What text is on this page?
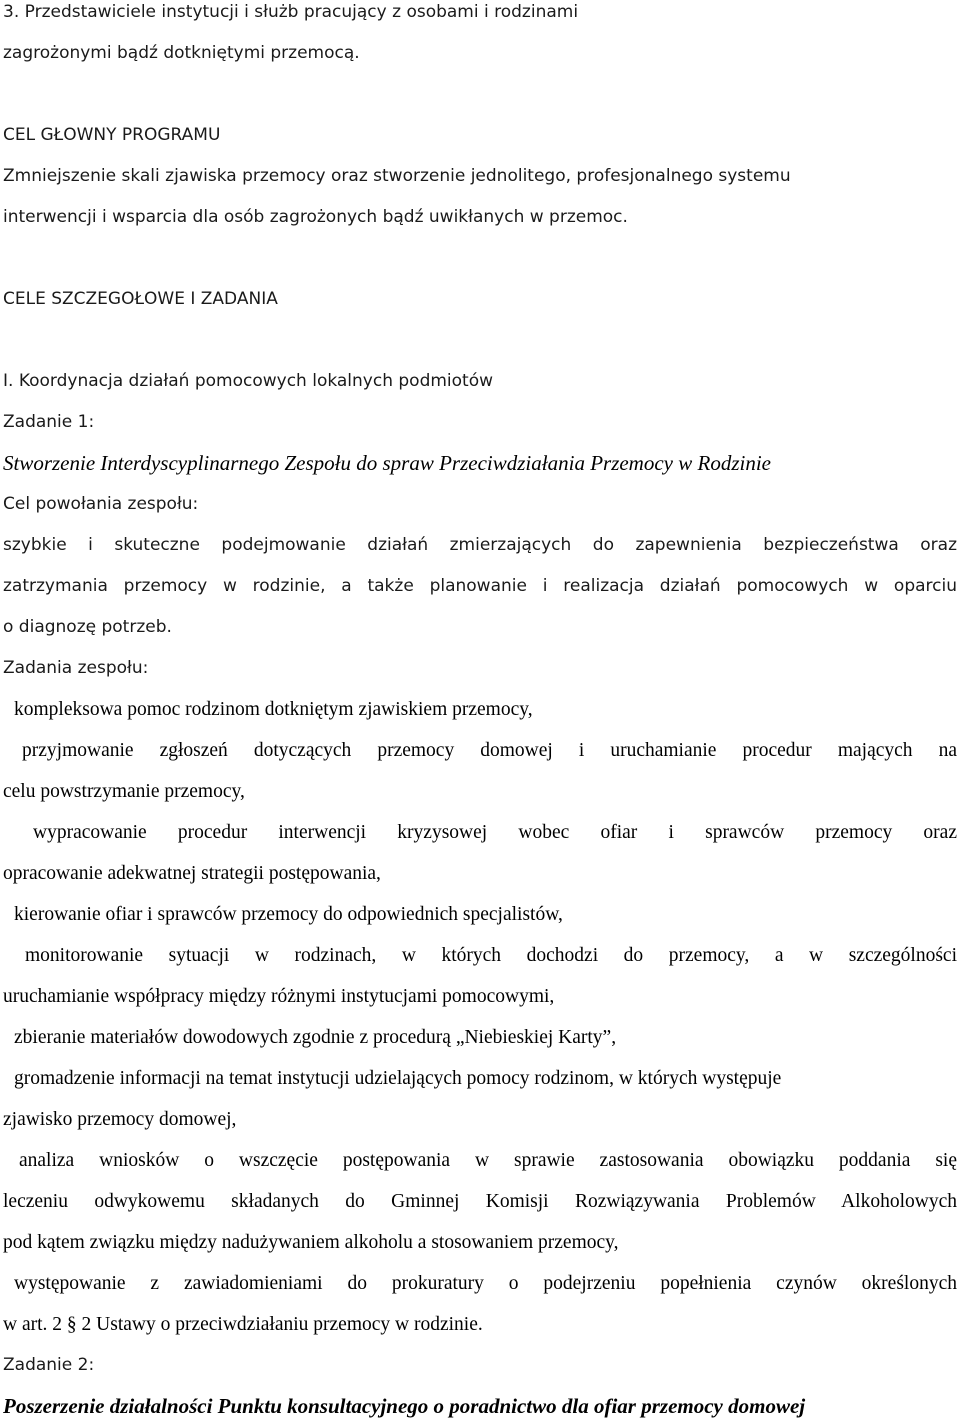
3. Przedstawiciele instytucji i służb pracujący z osobami i rodzinami
zagrożonymi bądź dotkniętymi przemocą.
CEL GŁOWNY PROGRAMU
Zmniejszenie skali zjawiska przemocy oraz stworzenie jednolitego, profesjonalnego systemu
interwencji i wsparcia dla osób zagrożonych bądź uwikłanych w przemoc.
CELE SZCZEGOŁOWE I ZADANIA
I. Koordynacja działań pomocowych lokalnych podmiotów
Zadanie 1:
Stworzenie Interdyscyplinarnego Zespołu do spraw Przeciwdziałania Przemocy w Rodzinie
Cel powołania zespołu:
szybkie i skuteczne podejmowanie działań zmierzających do zapewnienia bezpieczeństwa oraz
zatrzymania przemocy w rodzinie, a także planowanie i realizacja działań pomocowych w oparciu
o diagnozę potrzeb.
Zadania zespołu:
kompleksowa pomoc rodzinom dotkniętym zjawiskiem przemocy,
przyjmowanie zgłoszeń dotyczących przemocy domowej i uruchamianie procedur mających na
celu powstrzymanie przemocy,
wypracowanie procedur interwencji kryzysowej wobec ofiar i sprawców przemocy oraz
opracowanie adekwatnej strategii postępowania,
kierowanie ofiar i sprawców przemocy do odpowiednich specjalistów,
monitorowanie sytuacji w rodzinach, w których dochodzi do przemocy, a w szczególności
uruchamianie współpracy między różnymi instytucjami pomocowymi,
zbieranie materiałów dowodowych zgodnie z procedurą „Niebieskiej Karty”,
gromadzenie informacji na temat instytucji udzielających pomocy rodzinom, w których występuje
zjawisko przemocy domowej,
analiza wniosków o wszczęcie postępowania w sprawie zastosowania obowiązku poddania się
leczeniu odwykowemu składanych do Gminnej Komisji Rozwiązywania Problemów Alkoholowych
pod kątem związku między nadużywaniem alkoholu a stosowaniem przemocy,
występowanie z zawiadomieniami do prokuratury o podejrzeniu popełnienia czynów określonych
w art. 2 § 2 Ustawy o przeciwdziałaniu przemocy w rodzinie.
Zadanie 2:
Poszerzenie działalności Punktu konsultacyjnego o poradnictwo dla ofiar przemocy domowej
